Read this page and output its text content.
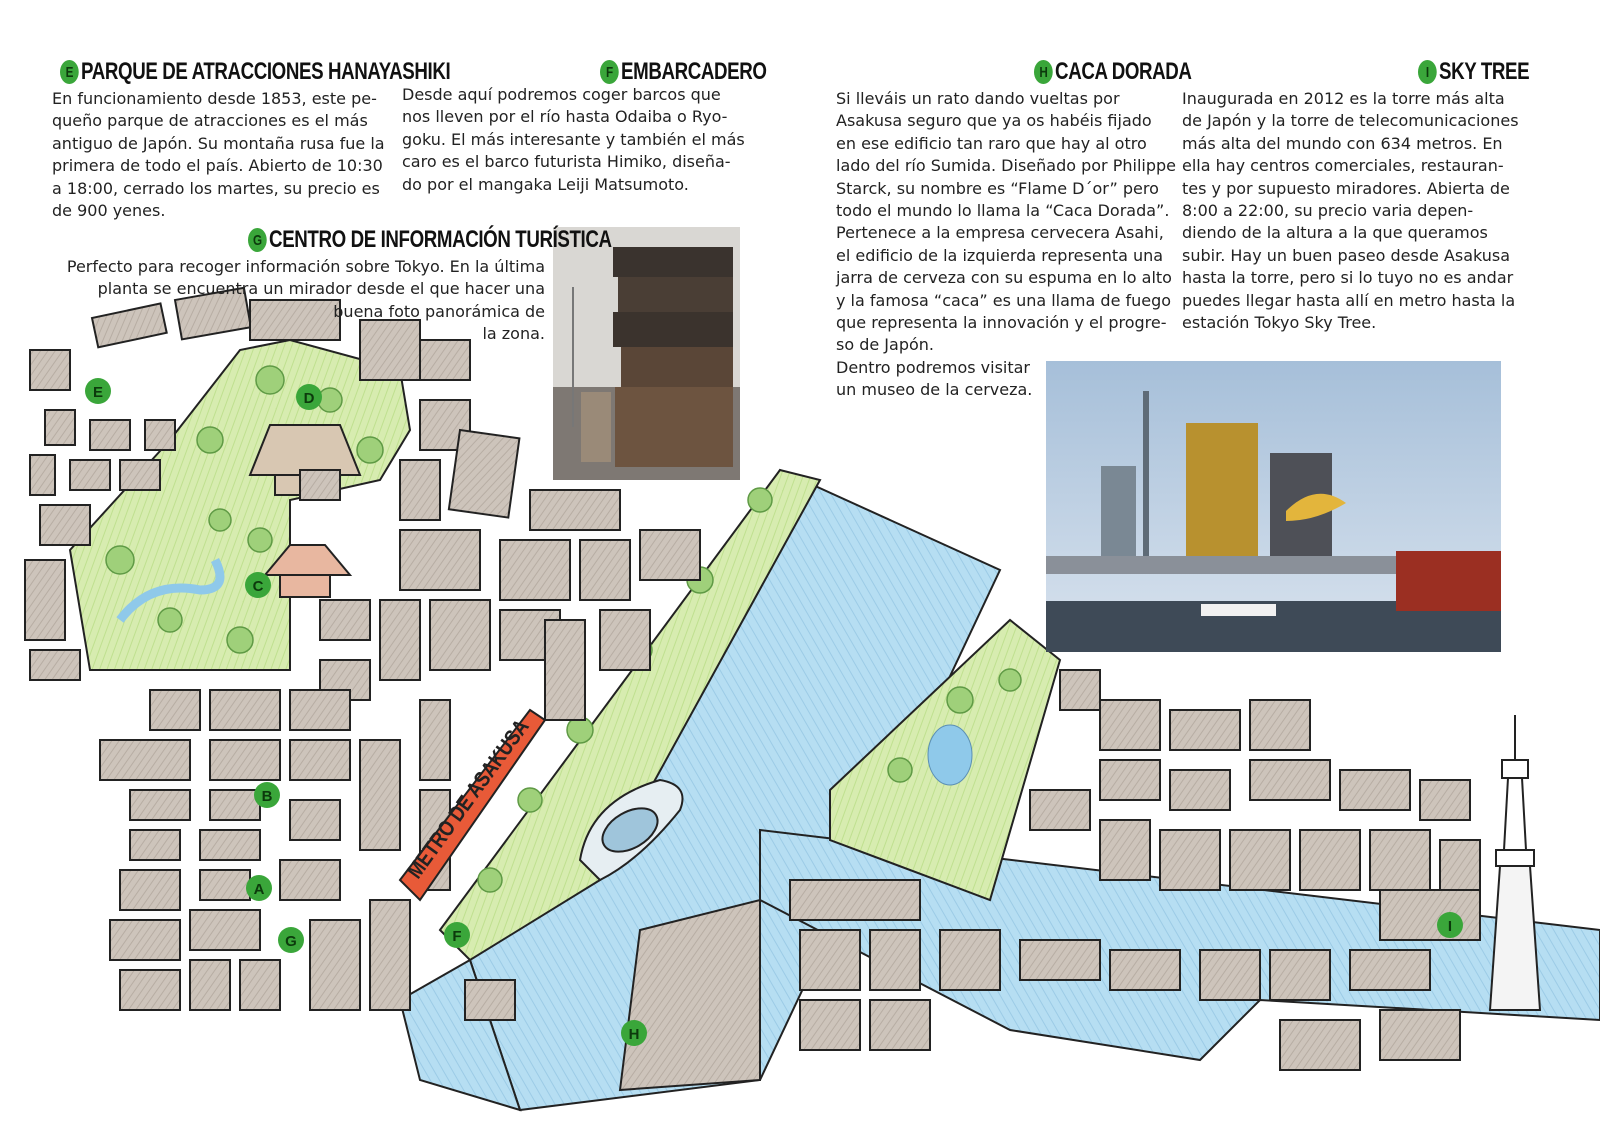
METRO DE ASAKUSA
E	D
C
B
A
G	F
H
I
E PARQUE DE ATRACCIONES HANAYASHIKI

En funcionamiento desde 1853, este pe-
queño parque de atracciones es el más
antiguo de Japón. Su montaña rusa fue la
primera de todo el país. Abierto de 10:30
a 18:00, cerrado los martes, su precio es
de 900 yenes.

F EMBARCADERO

Desde aquí podremos coger barcos que
nos lleven por el río hasta Odaiba o Ryo-
goku. El más interesante y también el más
caro es el barco futurista Himiko, diseña-
do por el mangaka Leiji Matsumoto.

G CENTRO DE INFORMACIÓN TURÍSTICA

Perfecto para recoger información sobre Tokyo. En la última
planta se encuentra un mirador desde el que hacer una
buena foto panorámica de
la zona.

H CACA DORADA

Si lleváis un rato dando vueltas por
Asakusa seguro que ya os habéis fijado
en ese edificio tan raro que hay al otro
lado del río Sumida. Diseñado por Philippe
Starck, su nombre es “Flame D´or” pero
todo el mundo lo llama la “Caca Dorada”.
Pertenece a la empresa cervecera Asahi,
el edificio de la izquierda representa una
jarra de cerveza con su espuma en lo alto
y la famosa “caca” es una llama de fuego
que representa la innovación y el progre-
so de Japón.
Dentro podremos visitar
un museo de la cerveza.

I SKY TREE

Inaugurada en 2012 es la torre más alta
de Japón y la torre de telecomunicaciones
más alta del mundo con 634 metros. En
ella hay centros comerciales, restauran-
tes y por supuesto miradores. Abierta de
8:00 a 22:00, su precio varia depen-
diendo de la altura a la que queramos
subir. Hay un buen paseo desde Asakusa
hasta la torre, pero si lo tuyo no es andar
puedes llegar hasta allí en metro hasta la
estación Tokyo Sky Tree.
